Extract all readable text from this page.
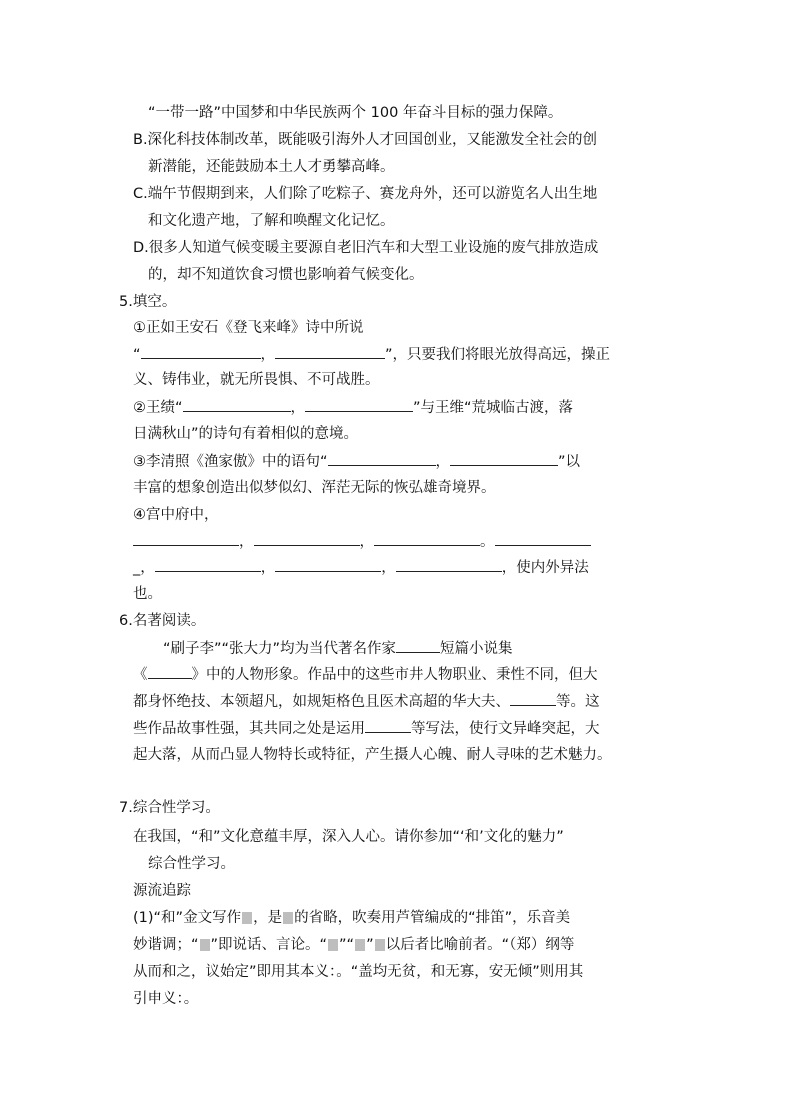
“一带一路”中国梦和中华民族两个 100 年奋斗目标的强力保障。
B.深化科技体制改革，既能吸引海外人才回国创业，又能激发全社会的创
新潜能，还能鼓励本土人才勇攀高峰。
C.端午节假期到来，人们除了吃粽子、赛龙舟外，还可以游览名人出生地
和文化遗产地，了解和唤醒文化记忆。
D.很多人知道气候变暖主要源自老旧汽车和大型工业设施的废气排放造成
的，却不知道饮食习惯也影响着气候变化。
5.填空。
①正如王安石《登飞来峰》诗中所说
“	，	”，只要我们将眼光放得高远，操正
义、铸伟业，就无所畏惧、不可战胜。
②王绩“	，	”与王维“荒城临古渡，落
日满秋山”的诗句有着相似的意境。
③李清照《渔家傲》中的语句“	，	”以
丰富的想象创造出似梦似幻、浑茫无际的恢弘雄奇境界。
④宫中府中，
，	，	。
_，	，	，	，使内外异法
也。
6.名著阅读。
“刷子李”“张大力”均为当代著名作家	短篇小说集
《	》中的人物形象。作品中的这些市井人物职业、秉性不同，但大
都身怀绝技、本领超凡，如规矩格色且医术高超的华大夫、	等。这
些作品故事性强，其共同之处是运用	等写法，使行文异峰突起，大
起大落，从而凸显人物特长或特征，产生摄人心魄、耐人寻味的艺术魅力。
7.综合性学习。
在我国，“和”文化意蕴丰厚，深入人心。请你参加“‘和’文化的魅力”
综合性学习。
源流追踪
(1)“和”金文写作 ，是 的省略，吹奏用芦管编成的“排笛”，乐音美
妙谐调；“ ”即说话、言论。“ ”“ ” 以后者比喻前者。“（郑）纲等
从而和之，议始定”即用其本义：。“盖均无贫，和无寡，安无倾”则用其
引申义：。
